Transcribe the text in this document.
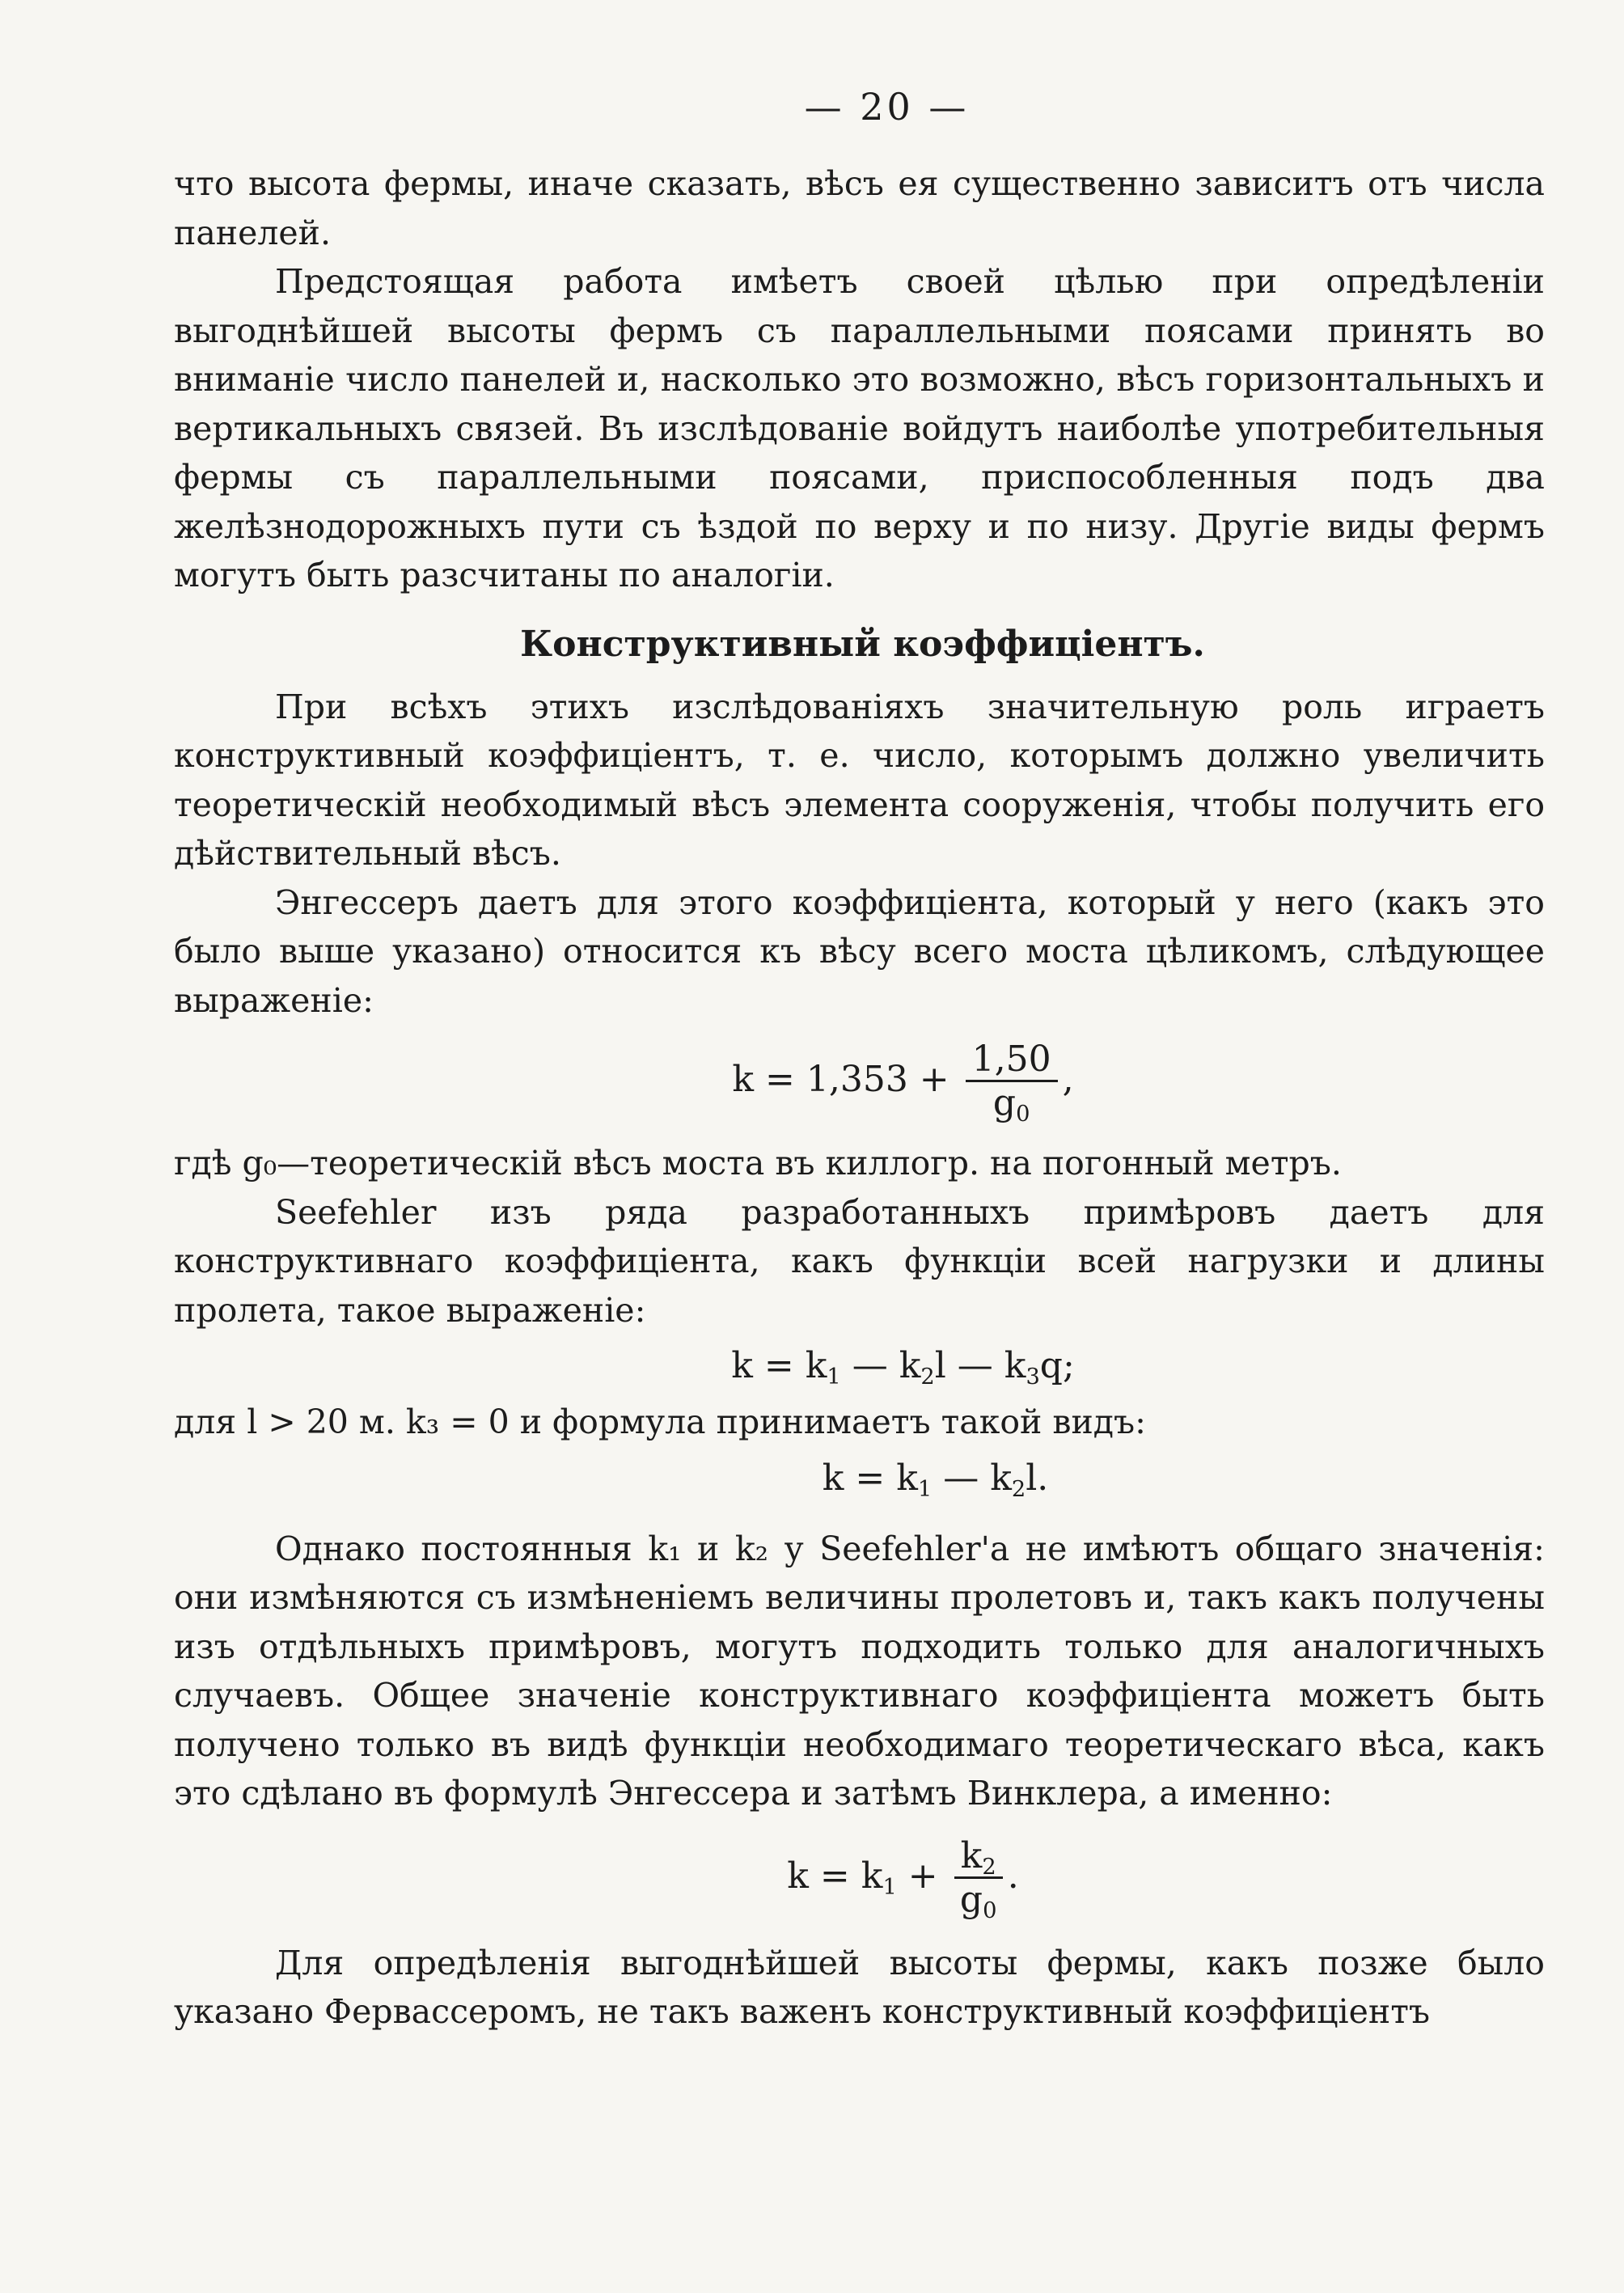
— 20 —

что высота фермы, иначе сказать, вѣсъ ея существенно зависитъ отъ числа панелей.

Предстоящая работа имѣетъ своей цѣлью при опредѣленіи выгоднѣйшей высоты фермъ съ параллельными поясами принять во вниманіе число панелей и, насколько это возможно, вѣсъ горизонтальныхъ и вертикальныхъ связей. Въ изслѣдованіе войдутъ наиболѣе употребительныя фермы съ параллельными поясами, приспособленныя подъ два желѣзнодорожныхъ пути съ ѣздой по верху и по низу. Другіе виды фермъ могутъ быть разсчитаны по аналогіи.

Конструктивный коэффиціентъ.

При всѣхъ этихъ изслѣдованіяхъ значительную роль играетъ конструктивный коэффиціентъ, т. е. число, которымъ должно увеличить теоретическій необходимый вѣсъ элемента сооруженія, чтобы получить его дѣйствительный вѣсъ.

Энгессеръ даетъ для этого коэффиціента, который у него (какъ это было выше указано) относится къ вѣсу всего моста цѣликомъ, слѣдующее выраженіе:

$k = 1,353 + \frac{1,50}{g_0}$ ,

гдѣ g₀—теоретическій вѣсъ моста въ киллогр. на погонный метръ.

Seefehler изъ ряда разработанныхъ примѣровъ даетъ для конструктивнаго коэффиціента, какъ функціи всей нагрузки и длины пролета, такое выраженіе:

$k = k_1$ — $k_2l$ — $k_3q$;

для l > 20 м. k₃ = 0 и формула принимаетъ такой видъ:

$k = k_1$ — $k_2l$.

Однако постоянныя k₁ и k₂ у Seefehler'а не имѣютъ общаго значенія: они измѣняются съ измѣненіемъ величины пролетовъ и, такъ какъ получены изъ отдѣльныхъ примѣровъ, могутъ подходить только для аналогичныхъ случаевъ. Общее значеніе конструктивнаго коэффиціента можетъ быть получено только въ видѣ функціи необходимаго теоретическаго вѣса, какъ это сдѣлано въ формулѣ Энгессера и затѣмъ Винклера, а именно:

$k = k_1 + \frac{k_2}{g_0}$ .

Для опредѣленія выгоднѣйшей высоты фермы, какъ позже было указано Фервассеромъ, не такъ важенъ конструктивный коэффиціентъ
